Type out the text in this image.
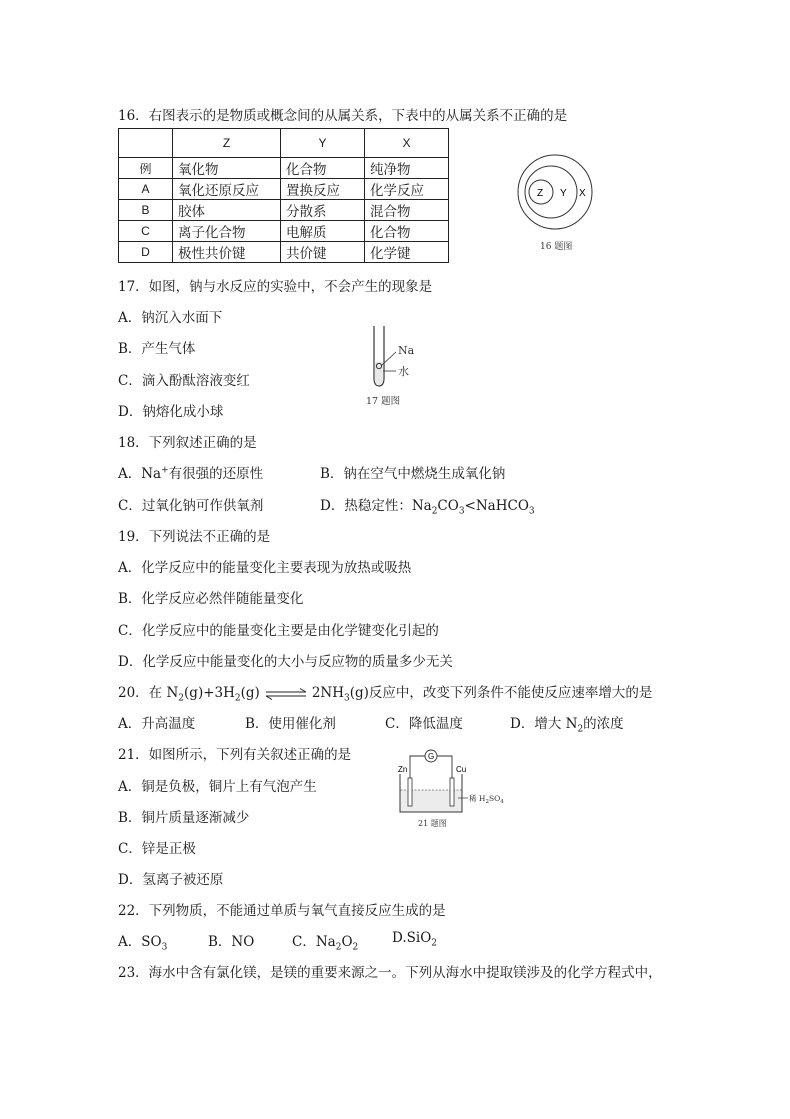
16．右图表示的是物质或概念间的从属关系，下表中的从属关系不正确的是
	Z	Y	X
例	氧化物	化合物	纯净物
A	氧化还原反应	置换反应	化学反应
B	胶体	分散系	混合物
C	离子化合物	电解质	化合物
D	极性共价键	共价键	化学键
Z Y X
16 题图
17．如图，钠与水反应的实验中，不会产生的现象是
A．钠沉入水面下
B．产生气体
C．滴入酚酞溶液变红
D．钠熔化成小球
Na
水
17 题图
18．下列叙述正确的是
A．Na+有很强的还原性	B．钠在空气中燃烧生成氧化钠
C．过氧化钠可作供氧剂	D．热稳定性：$Na_2CO_3<NaHCO_3$
19．下列说法不正确的是
A．化学反应中的能量变化主要表现为放热或吸热
B．化学反应必然伴随能量变化
C．化学反应中的能量变化主要是由化学键变化引起的
D．化学反应中能量变化的大小与反应物的质量多少无关
20．在 $N_2(g)+3H_2(g)$ ⇌ $2NH_3(g)$反应中，改变下列条件不能使反应速率增大的是
A．升高温度	B．使用催化剂	C．降低温度	D．增大 $N_2$的浓度
21．如图所示，下列有关叙述正确的是
A．铜是负极，铜片上有气泡产生
B．铜片质量逐渐减少
C．锌是正极
D．氢离子被还原
G
Zn	Cu
稀 $H_2SO_4$
21 题图
22．下列物质，不能通过单质与氧气直接反应生成的是
A．$SO_3$	B．NO	C．$Na_2O_2$
D.SiO$_2$
23．海水中含有氯化镁，是镁的重要来源之一。下列从海水中提取镁涉及的化学方程式中，
